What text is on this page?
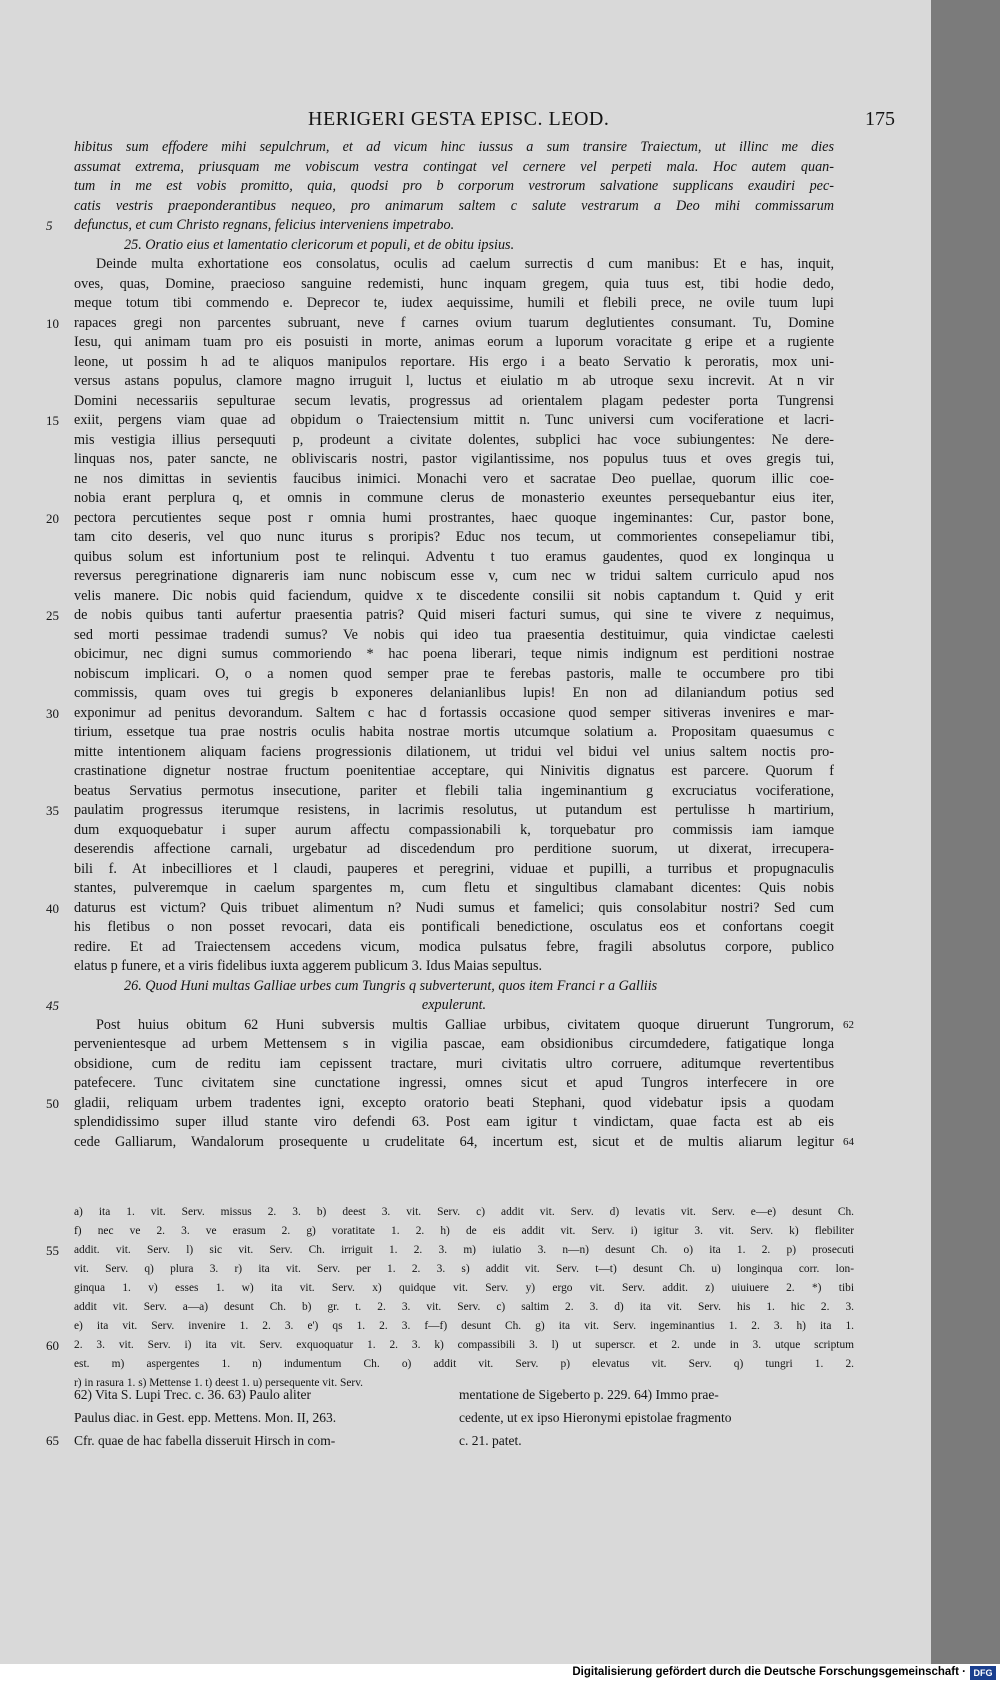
HERIGERI GESTA EPISC. LEOD.	175
hibitus sum effodere mihi sepulchrum, et ad vicum hinc iussus a sum transire Traiectum, ut illinc me dies
assumat extrema, priusquam me vobiscum vestra contingat vel cernere vel perpeti mala. Hoc autem quan-
tum in me est vobis promitto, quia, quodsi pro b corporum vestrorum salvatione supplicans exaudiri pec-
catis vestris praeponderantibus nequeo, pro animarum saltem c salute vestrarum a Deo mihi commissarum
5 defunctus, et cum Christo regnans, felicius interveniens impetrabo.
25. Oratio eius et lamentatio clericorum et populi, et de obitu ipsius.
Deinde multa exhortatione eos consolatus, oculis ad caelum surrectis d cum manibus: Et e has, inquit,
oves, quas, Domine, praecioso sanguine redemisti, hunc inquam gregem, quia tuus est, tibi hodie dedo,
meque totum tibi commendo e. Deprecor te, iudex aequissime, humili et flebili prece, ne ovile tuum lupi
10 rapaces gregi non parcentes subruant, neve f carnes ovium tuarum deglutientes consumant. Tu, Domine
Iesu, qui animam tuam pro eis posuisti in morte, animas eorum a luporum voracitate g eripe et a rugiente
leone, ut possim h ad te aliquos manipulos reportare. His ergo i a beato Servatio k peroratis, mox uni-
versus astans populus, clamore magno irruguit l, luctus et eiulatio m ab utroque sexu increvit. At n vir
Domini necessariis sepulturae secum levatis, progressus ad orientalem plagam pedester porta Tungrensi
15 exiit, pergens viam quae ad obpidum o Traiectensium mittit n. Tunc universi cum vociferatione et lacri-
mis vestigia illius persequuti p, prodeunt a civitate dolentes, subplici hac voce subiungentes: Ne dere-
linquas nos, pater sancte, ne obliviscaris nostri, pastor vigilantissime, nos populus tuus et oves gregis tui,
ne nos dimittas in sevientis faucibus inimici. Monachi vero et sacratae Deo puellae, quorum illic coe-
nobia erant perplura q, et omnis in commune clerus de monasterio exeuntes persequebantur eius iter,
20 pectora percutientes seque post r omnia humi prostrantes, haec quoque ingeminantes: Cur, pastor bone,
tam cito deseris, vel quo nunc iturus s proripis? Educ nos tecum, ut commorientes consepeliamur tibi,
quibus solum est infortunium post te relinqui. Adventu t tuo eramus gaudentes, quod ex longinqua u
reversus peregrinatione dignareris iam nunc nobiscum esse v, cum nec w tridui saltem curriculo apud nos
velis manere. Dic nobis quid faciendum, quidve x te discedente consilii sit nobis captandum t. Quid y erit
25 de nobis quibus tanti aufertur praesentia patris? Quid miseri facturi sumus, qui sine te vivere z nequimus,
sed morti pessimae tradendi sumus? Ve nobis qui ideo tua praesentia destituimur, quia vindictae caelesti
obicimur, nec digni sumus commoriendo * hac poena liberari, teque nimis indignum est perditioni nostrae
nobiscum implicari. O, o a nomen quod semper prae te ferebas pastoris, malle te occumbere pro tibi
commissis, quam oves tui gregis b exponeres delanianlibus lupis! En non ad dilaniandum potius sed
30 exponimur ad penitus devorandum. Saltem c hac d fortassis occasione quod semper sitiveras invenires e mar-
tirium, essetque tua prae nostris oculis habita nostrae mortis utcumque solatium a. Propositam quaesumus c
mitte intentionem aliquam faciens progressionis dilationem, ut tridui vel bidui vel unius saltem noctis pro-
crastinatione dignetur nostrae fructum poenitentiae acceptare, qui Ninivitis dignatus est parcere. Quorum f
beatus Servatius permotus insecutione, pariter et flebili talia ingeminantium g excruciatus vociferatione,
35 paulatim progressus iterumque resistens, in lacrimis resolutus, ut putandum est pertulisse h martirium,
dum exquoquebatur i super aurum affectu compassionabili k, torquebatur pro commissis iam iamque
deserendis affectione carnali, urgebatur ad discedendum pro perditione suorum, ut dixerat, irrecupera-
bili f. At inbecilliores et l claudi, pauperes et peregrini, viduae et pupilli, a turribus et propugnaculis
stantes, pulveremque in caelum spargentes m, cum fletu et singultibus clamabant dicentes: Quis nobis
40 daturus est victum? Quis tribuet alimentum n? Nudi sumus et famelici; quis consolabitur nostri? Sed cum
his fletibus o non posset revocari, data eis pontificali benedictione, osculatus eos et confortans coegit
redire. Et ad Traiectensem accedens vicum, modica pulsatus febre, fragili absolutus corpore, publico
elatus p funere, et a viris fidelibus iuxta aggerem publicum 3. Idus Maias sepultus.
26. Quod Huni multas Galliae urbes cum Tungris q subverterunt, quos item Franci r a Galliis
45	expulerunt.
Post huius obitum 62 Huni subversis multis Galliae urbibus, civitatem quoque diruerunt Tungrorum, 62
pervenientesque ad urbem Mettensem s in vigilia pascae, eam obsidionibus circumdedere, fatigatique longa
obsidione, cum de reditu iam cepissent tractare, muri civitatis ultro corruere, aditumque revertentibus
patefecere. Tunc civitatem sine cunctatione ingressi, omnes sicut et apud Tungros interfecere in ore
50 gladii, reliquam urbem tradentes igni, excepto oratorio beati Stephani, quod videbatur ipsis a quodam
splendidissimo super illud stante viro defendi 63. Post eam igitur t vindictam, quae facta est ab eis
cede Galliarum, Wandalorum prosequente u crudelitate 64, incertum est, sicut et de multis aliarum legitur 64
a) ita 1. vit. Serv. missus 2. 3. b) deest 3. vit. Serv. c) addit vit. Serv. d) levatis vit. Serv. e—e) desunt Ch.
f) nec ve 2. 3. ve erasum 2. g) voratitate 1. 2. h) de eis addit vit. Serv. i) igitur 3. vit. Serv. k) flebiliter
55 addit. vit. Serv. l) sic vit. Serv. Ch. irriguit 1. 2. 3. m) iulatio 3. n—n) desunt Ch. o) ita 1. 2. p) prosecuti
vit. Serv. q) plura 3. r) ita vit. Serv. per 1. 2. 3. s) addit vit. Serv. t—t) desunt Ch. u) longinqua corr. lon-
ginqua 1. v) esses 1. w) ita vit. Serv. x) quidque vit. Serv. y) ergo vit. Serv. addit. z) uiuiuere 2. *) tibi
addit vit. Serv. a—a) desunt Ch. b) gr. t. 2. 3. vit. Serv. c) saltim 2. 3. d) ita vit. Serv. his 1. hic 2. 3.
e) ita vit. Serv. invenire 1. 2. 3. e') qs 1. 2. 3. f—f) desunt Ch. g) ita vit. Serv. ingeminantius 1. 2. 3. h) ita 1.
60 2. 3. vit. Serv. i) ita vit. Serv. exquoquatur 1. 2. 3. k) compassibili 3. l) ut superscr. et 2. unde in 3. utque scriptum
est. m) aspergentes 1. n) indumentum Ch. o) addit vit. Serv. p) elevatus vit. Serv. q) tungri 1. 2.
r) in rasura 1. s) Mettense 1. t) deest 1. u) persequente vit. Serv.
62) Vita S. Lupi Trec. c. 36. 63) Paulo aliter	mentatione de Sigeberto p. 229. 64) Immo prae-
Paulus diac. in Gest. epp. Mettens. Mon. II, 263.	cedente, ut ex ipso Hieronymi epistolae fragmento
65 Cfr. quae de hac fabella disseruit Hirsch in com-	c. 21. patet.
Digitalisierung gefördert durch die Deutsche Forschungsgemeinschaft · DFG
